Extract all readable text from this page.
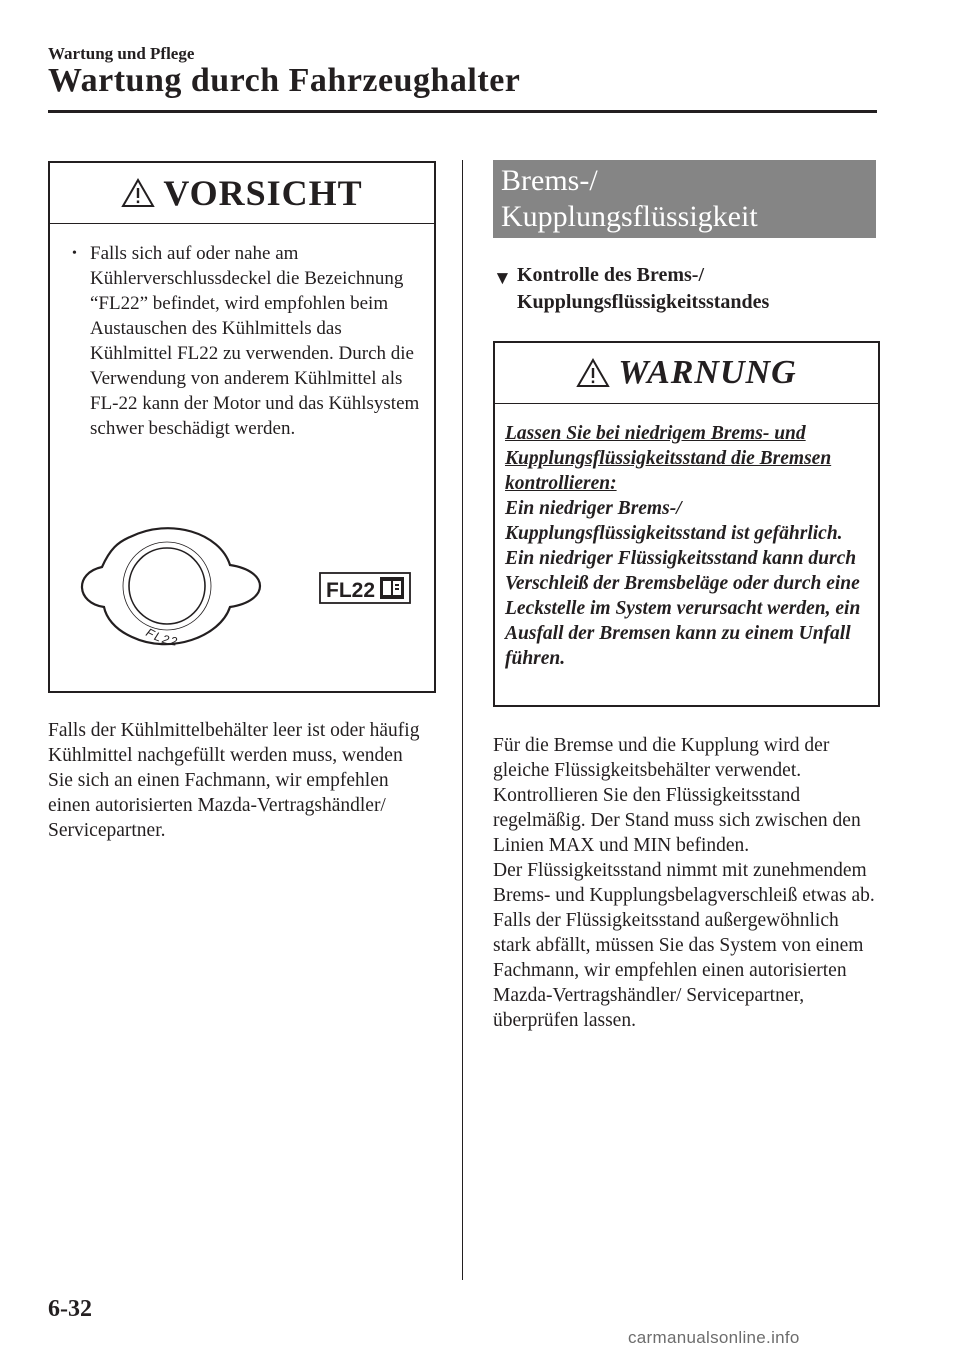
Wartung und Pflege
Wartung durch Fahrzeughalter
VORSICHT
• Falls sich auf oder nahe am Kühlerverschlussdeckel die Bezeichnung “FL22” befindet, wird empfohlen beim Austauschen des Kühlmittels das Kühlmittel FL22 zu verwenden. Durch die Verwendung von anderem Kühlmittel als FL-22 kann der Motor und das Kühlsystem schwer beschädigt werden.
FL22
FL22
Falls der Kühlmittelbehälter leer ist oder häufig Kühlmittel nachgefüllt werden muss, wenden Sie sich an einen Fachmann, wir empfehlen einen autorisierten Mazda-Vertragshändler/ Servicepartner.
Brems-/
Kupplungsflüssigkeit
▼ Kontrolle des Brems-/ Kupplungsflüssigkeitsstandes
WARNUNG
Lassen Sie bei niedrigem Brems- und Kupplungsflüssigkeitsstand die Bremsen kontrollieren:
Ein niedriger Brems-/ Kupplungsflüssigkeitsstand ist gefährlich.
Ein niedriger Flüssigkeitsstand kann durch Verschleiß der Bremsbeläge oder durch eine Leckstelle im System verursacht werden, ein Ausfall der Bremsen kann zu einem Unfall führen.
Für die Bremse und die Kupplung wird der gleiche Flüssigkeitsbehälter verwendet. Kontrollieren Sie den Flüssigkeitsstand regelmäßig. Der Stand muss sich zwischen den Linien MAX und MIN befinden.
Der Flüssigkeitsstand nimmt mit zunehmendem Brems- und Kupplungsbelagverschleiß etwas ab. Falls der Flüssigkeitsstand außergewöhnlich stark abfällt, müssen Sie das System von einem Fachmann, wir empfehlen einen autorisierten Mazda-Vertragshändler/ Servicepartner, überprüfen lassen.
6-32
carmanualsonline.info
